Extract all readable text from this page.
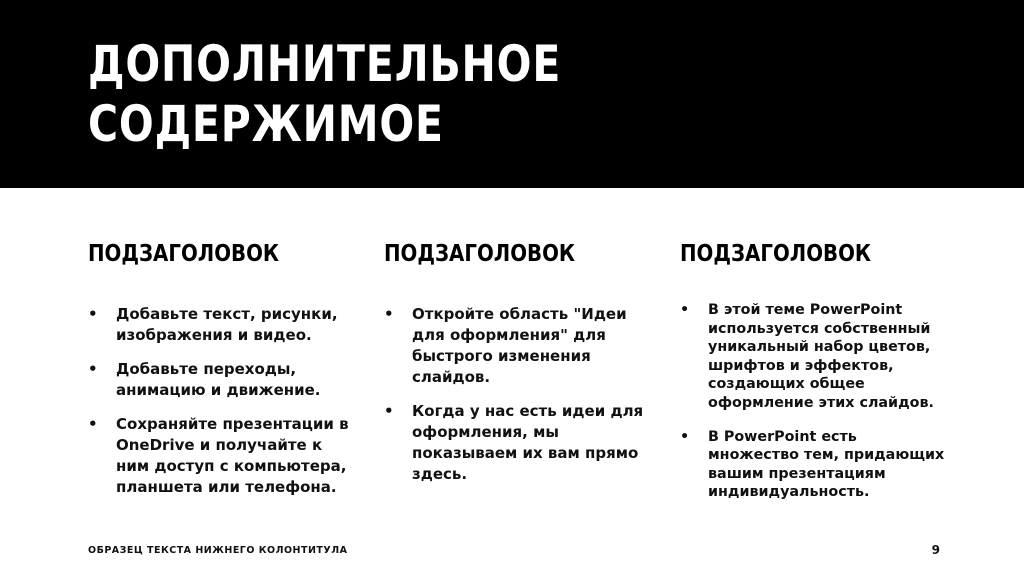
ДОПОЛНИТЕЛЬНОЕ
СОДЕРЖИМОЕ
ПОДЗАГОЛОВОК
• Добавьте текст, рисунки, изображения и видео.
• Добавьте переходы, анимацию и движение.
• Сохраняйте презентации в OneDrive и получайте к ним доступ с компьютера, планшета или телефона.
ПОДЗАГОЛОВОК
• Откройте область "Идеи для оформления" для быстрого изменения слайдов.
• Когда у нас есть идеи для оформления, мы показываем их вам прямо здесь.
ПОДЗАГОЛОВОК
• В этой теме PowerPoint используется собственный уникальный набор цветов, шрифтов и эффектов, создающих общее оформление этих слайдов.
• В PowerPoint есть множество тем, придающих вашим презентациям индивидуальность.
ОБРАЗЕЦ ТЕКСТА НИЖНЕГО КОЛОНТИТУЛА	9
